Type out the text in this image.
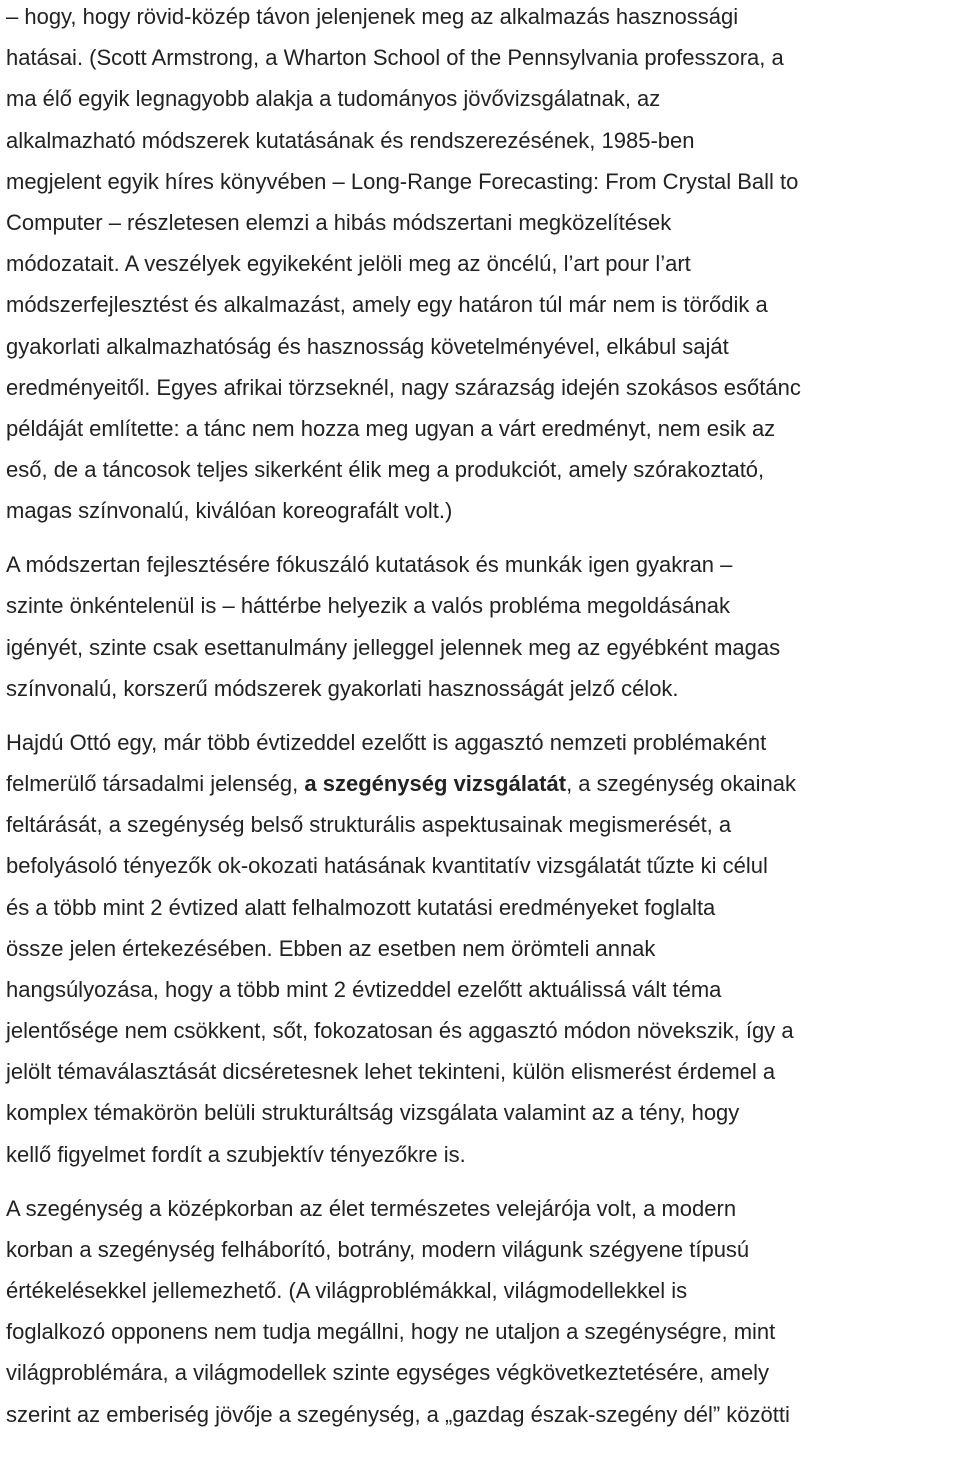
– hogy, hogy rövid-közép távon jelenjenek meg az alkalmazás hasznossági
hatásai. (Scott Armstrong, a Wharton School of the Pennsylvania professzora, a
ma élő egyik legnagyobb alakja a tudományos jövővizsgálatnak, az
alkalmazható módszerek kutatásának és rendszerezésének, 1985-ben
megjelent egyik híres könyvében – Long-Range Forecasting: From Crystal Ball to
Computer – részletesen elemzi a hibás módszertani megközelítések
módozatait. A veszélyek egyikeként jelöli meg az öncélú, l’art pour l’art
módszerfejlesztést és alkalmazást, amely egy határon túl már nem is törődik a
gyakorlati alkalmazhatóság és hasznosság követelményével, elkábul saját
eredményeitől. Egyes afrikai törzseknél, nagy szárazság idején szokásos esőtánc
példáját említette: a tánc nem hozza meg ugyan a várt eredményt, nem esik az
eső, de a táncosok teljes sikerként élik meg a produkciót, amely szórakoztató,
magas színvonalú, kiválóan koreografált volt.)

A módszertan fejlesztésére fókuszáló kutatások és munkák igen gyakran –
szinte önkéntelenül is – háttérbe helyezik a valós probléma megoldásának
igényét, szinte csak esettanulmány jelleggel jelennek meg az egyébként magas
színvonalú, korszerű módszerek gyakorlati hasznosságát jelző célok.

Hajdú Ottó egy, már több évtizeddel ezelőtt is aggasztó nemzeti problémaként
felmerülő társadalmi jelenség, a szegénység vizsgálatát, a szegénység okainak
feltárását, a szegénység belső strukturális aspektusainak megismerését, a
befolyásoló tényezők ok-okozati hatásának kvantitatív vizsgálatát tűzte ki célul
és a több mint 2 évtized alatt felhalmozott kutatási eredményeket foglalta
össze jelen értekezésében. Ebben az esetben nem örömteli annak
hangsúlyozása, hogy a több mint 2 évtizeddel ezelőtt aktuálissá vált téma
jelentősége nem csökkent, sőt, fokozatosan és aggasztó módon növekszik, így a
jelölt témaválasztását dicséretesnek lehet tekinteni, külön elismerést érdemel a
komplex témakörön belüli strukturáltság vizsgálata valamint az a tény, hogy
kellő figyelmet fordít a szubjektív tényezőkre is.

A szegénység a középkorban az élet természetes velejárója volt, a modern
korban a szegénység felháborító, botrány, modern világunk szégyene típusú
értékelésekkel jellemezhető. (A világproblémákkal, világmodellekkel is
foglalkozó opponens nem tudja megállni, hogy ne utaljon a szegénységre, mint
világproblémára, a világmodellek szinte egységes végkövetkeztetésére, amely
szerint az emberiség jövője a szegénység, a „gazdag észak-szegény dél” közötti
